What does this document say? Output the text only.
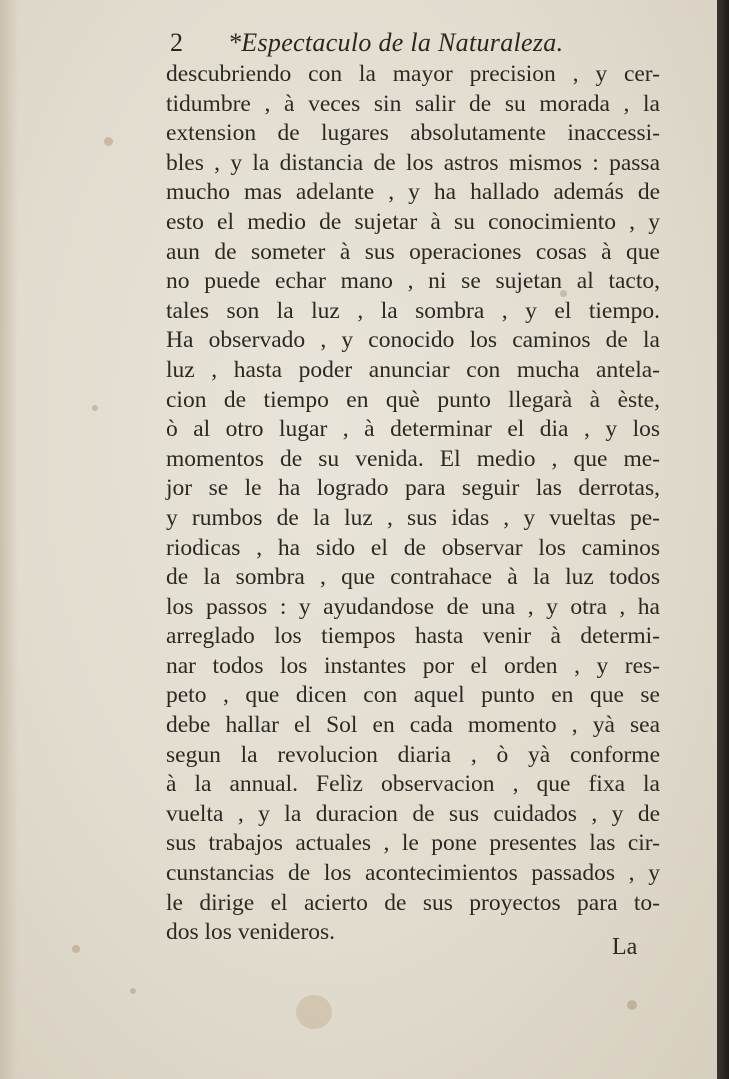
2 *Espectaculo de la Naturaleza.
descubriendo con la mayor precision , y cer-
tidumbre , à veces sin salir de su morada , la
extension de lugares absolutamente inaccessi-
bles , y la distancia de los astros mismos : passa
mucho mas adelante , y ha hallado además de
esto el medio de sujetar à su conocimiento , y
aun de someter à sus operaciones cosas à que
no puede echar mano , ni se sujetan al tacto,
tales son la luz , la sombra , y el tiempo.
Ha observado , y conocido los caminos de la
luz , hasta poder anunciar con mucha antela-
cion de tiempo en què punto llegarà à èste,
ò al otro lugar , à determinar el dia , y los
momentos de su venida. El medio , que me-
jor se le ha logrado para seguir las derrotas,
y rumbos de la luz , sus idas , y vueltas pe-
riodicas , ha sido el de observar los caminos
de la sombra , que contrahace à la luz todos
los passos : y ayudandose de una , y otra , ha
arreglado los tiempos hasta venir à determi-
nar todos los instantes por el orden , y res-
peto , que dicen con aquel punto en que se
debe hallar el Sol en cada momento , yà sea
segun la revolucion diaria , ò yà conforme
à la annual. Felìz observacion , que fixa la
vuelta , y la duracion de sus cuidados , y de
sus trabajos actuales , le pone presentes las cir-
cunstancias de los acontecimientos passados , y
le dirige el acierto de sus proyectos para to-
dos los venideros.
La
